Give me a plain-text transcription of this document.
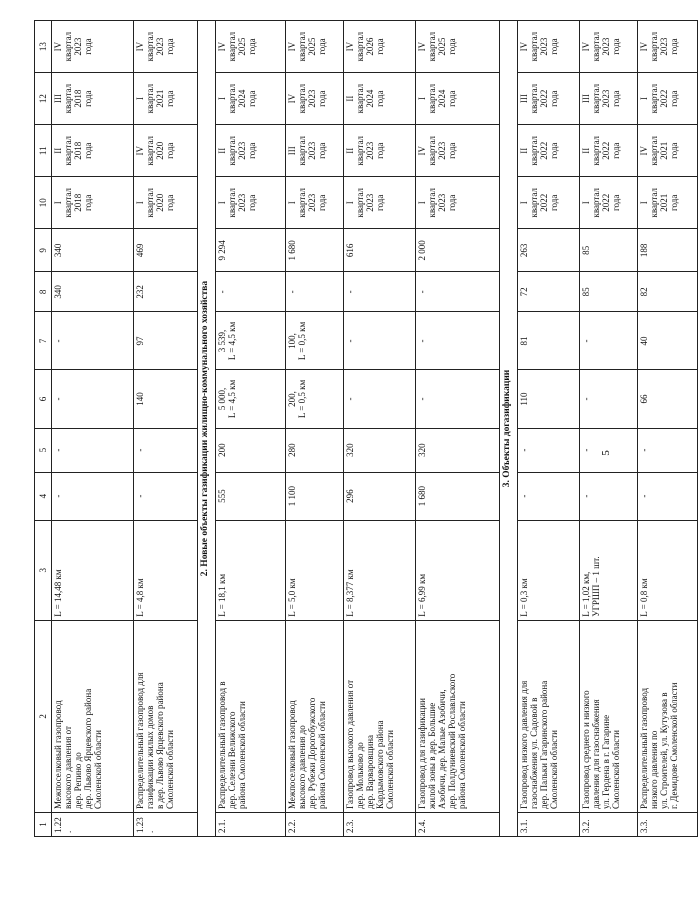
5
1	2	3	4	5	6	7	8	9	10	11	12	13
1.22.	Межпоселковый газопровод
высокого давления от
дер. Репино до
дер. Львово Ярцевского района
Смоленской области	L = 14,48 км	-	-	-	-	340	340	I
квартал
2018
года	II
квартал
2018
года	III
квартал
2018
года	IV
квартал
2023
года
1.23.	Распределительный газопровод для
газификации жилых домов
в дер. Львово Ярцевского района
Смоленской области	L = 4,8 км	-	-	140	97	232	469	I
квартал
2020
года	IV
квартал
2020
года	I
квартал
2021
года	IV
квартал
2023
года
2. Новые объекты газификации жилищно-коммунального хозяйства												
2.1.	Распределительный газопровод в
дер. Селезни Велижского
района Смоленской области	L = 18,1 км	555	200	5 000,
L = 4,5 км	3 539,
L = 4,5 км	-	9 294	I
квартал
2023
года	II
квартал
2023
года	I
квартал
2024
года	IV
квартал
2025
года
2.2.	Межпоселковый газопровод
высокого давления до
дер. Рубежи Дорогобужского
района Смоленской области	L = 5,0 км	1 100	280	200,
L = 0,5 км	100,
L = 0,5 км	-	1 680	I
квартал
2023
года	III
квартал
2023
года	IV
квартал
2023
года	IV
квартал
2025
года
2.3.	Газопровод высокого давления от
дер. Мольково до
дер. Варваровщина
Кардымовского района
Смоленской области	L = 8,377 км	296	320	-	-	-	616	I
квартал
2023
года	II
квартал
2023
года	II
квартал
2024
года	IV
квартал
2026
года
2.4.	Газопровод для газификации
жилой зоны в дер. Большие
Азобичи, дер. Малые Азобичи,
дер. Полдуниевский Рославльского
района Смоленской области	L = 6,99 км	1 680	320	-	-	-	2 000	I
квартал
2023
года	IV
квартал
2023
года	I
квартал
2024
года	IV
квартал
2025
года
3. Объекты догазификации												
3.1.	Газопровод низкого давления для
газоснабжения ул. Садовой в
дер. Пальки Гагаринского района
Смоленской области	L = 0,3 км	-	-	110	81	72	263	I
квартал
2022
года	II
квартал
2022
года	III
квартал
2022
года	IV
квартал
2023
года
3.2.	Газопровод среднего и низкого
давления для газоснабжения
ул. Гердена в г. Гагарине
Смоленской области	L = 1,02 км,
УГРШП – 1 шт.	-	-	-	-	85	85	I
квартал
2022
года	II
квартал
2022
года	III
квартал
2023
года	IV
квартал
2023
года
3.3.	Распределительный газопровод
низкого давления по
ул. Строителей, ул. Кутузова в
г. Демидове Смоленской области	L = 0,8 км	-	-	66	40	82	188	I
квартал
2021
года	IV
квартал
2021
года	I
квартал
2022
года	IV
квартал
2023
года
